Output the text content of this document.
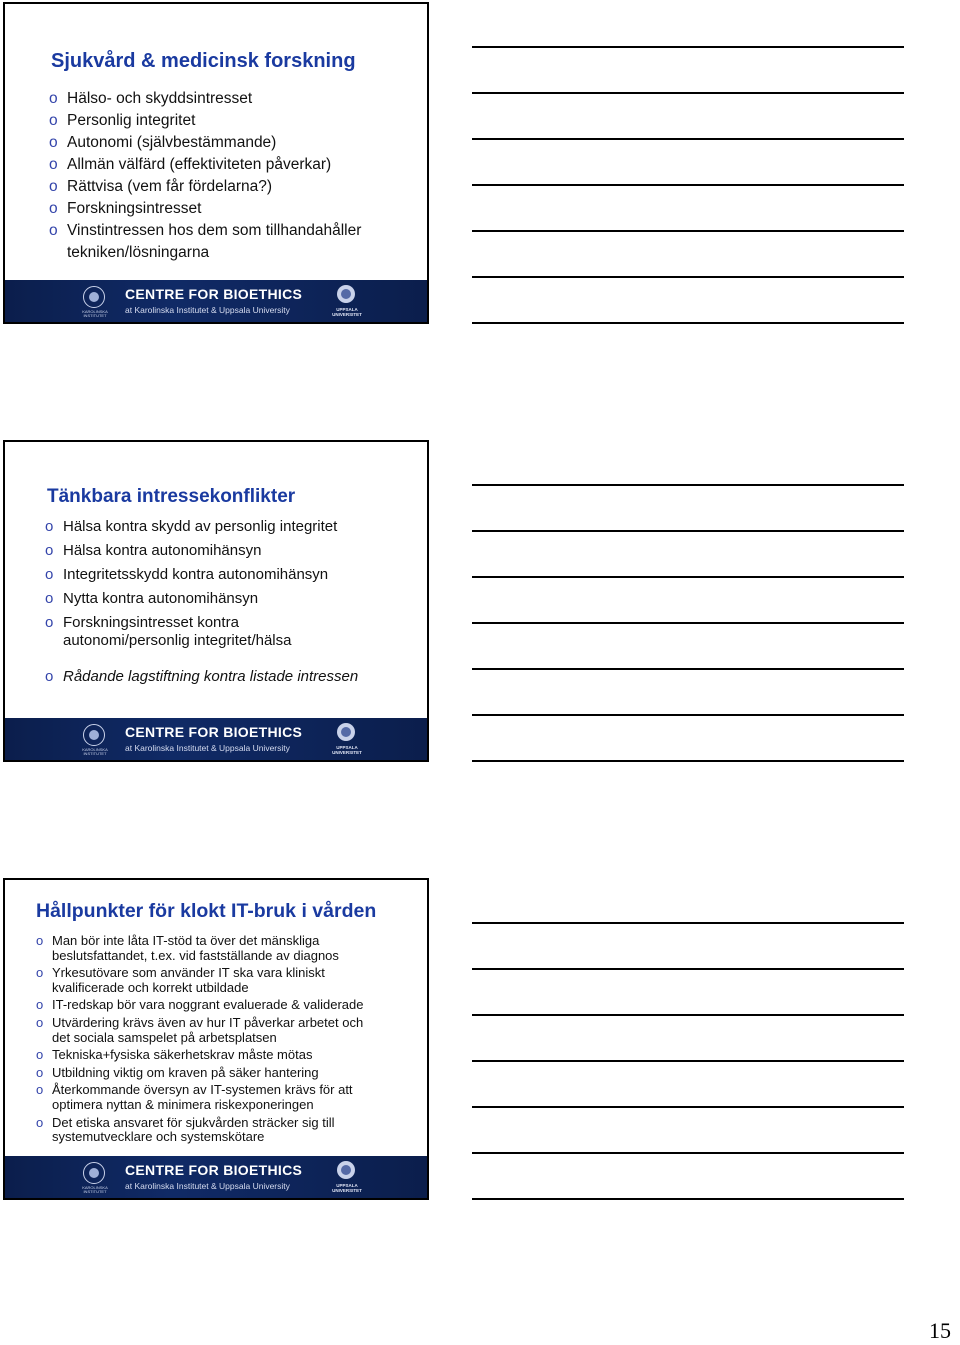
Sjukvård & medicinsk forskning
o Hälso- och skyddsintresset
o Personlig integritet
o Autonomi (självbestämmande)
o Allmän välfärd (effektiviteten påverkar)
o Rättvisa (vem får fördelarna?)
o Forskningsintresset
o Vinstintressen hos dem som tillhandahåller
tekniken/lösningarna
KAROLINSKA INSTITUTET
CENTRE FOR BIOETHICS
at Karolinska Institutet & Uppsala University	UPPSALA UNIVERSITET
Tänkbara intressekonflikter
o Hälsa kontra skydd av personlig integritet
o Hälsa kontra autonomihänsyn
o Integritetsskydd kontra autonomihänsyn
o Nytta kontra autonomihänsyn
o Forskningsintresset kontra
autonomi/personlig integritet/hälsa
o Rådande lagstiftning kontra listade intressen
KAROLINSKA INSTITUTET
CENTRE FOR BIOETHICS
at Karolinska Institutet & Uppsala University	UPPSALA UNIVERSITET
Hållpunkter för klokt IT-bruk i vården
o Man bör inte låta IT-stöd ta över det mänskliga
beslutsfattandet, t.ex. vid fastställande av diagnos
o Yrkesutövare som använder IT ska vara kliniskt
kvalificerade och korrekt utbildade
o IT-redskap bör vara noggrant evaluerade & validerade
o Utvärdering krävs även av hur IT påverkar arbetet och
det sociala samspelet på arbetsplatsen
o Tekniska+fysiska säkerhetskrav måste mötas
o Utbildning viktig om kraven på säker hantering
o Återkommande översyn av IT-systemen krävs för att
optimera nyttan & minimera riskexponeringen
o Det etiska ansvaret för sjukvården sträcker sig till
systemutvecklare och systemskötare
KAROLINSKA INSTITUTET
CENTRE FOR BIOETHICS
at Karolinska Institutet & Uppsala University	UPPSALA UNIVERSITET
15
